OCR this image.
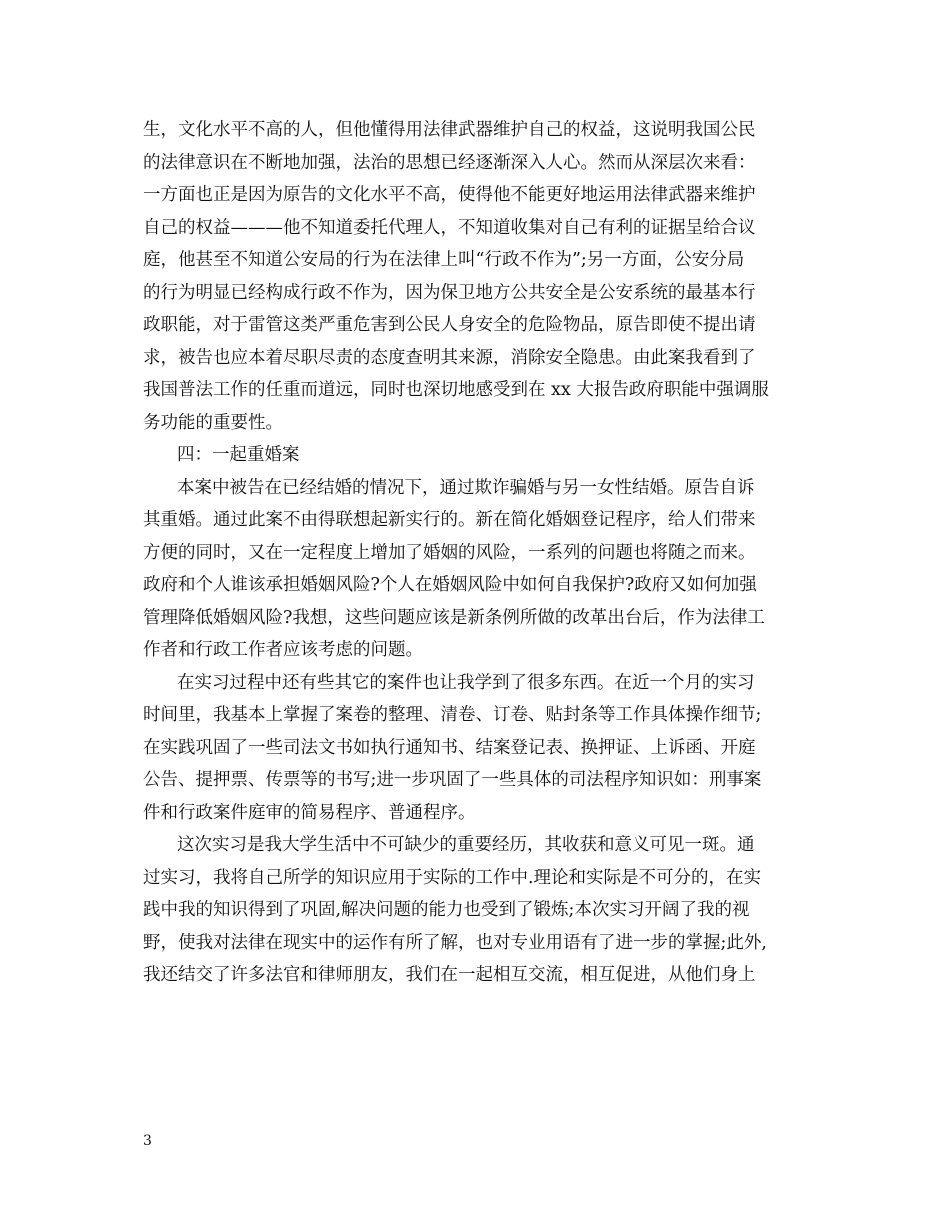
生，文化水平不高的人，但他懂得用法律武器维护自己的权益，这说明我国公民
的法律意识在不断地加强，法治的思想已经逐渐深入人心。然而从深层次来看：
一方面也正是因为原告的文化水平不高，使得他不能更好地运用法律武器来维护
自己的权益———他不知道委托代理人，不知道收集对自己有利的证据呈给合议
庭，他甚至不知道公安局的行为在法律上叫“行政不作为”;另一方面，公安分局
的行为明显已经构成行政不作为，因为保卫地方公共安全是公安系统的最基本行
政职能，对于雷管这类严重危害到公民人身安全的危险物品，原告即使不提出请
求，被告也应本着尽职尽责的态度查明其来源，消除安全隐患。由此案我看到了
我国普法工作的任重而道远，同时也深切地感受到在 xx 大报告政府职能中强调服
务功能的重要性。
四：一起重婚案
本案中被告在已经结婚的情况下，通过欺诈骗婚与另一女性结婚。原告自诉
其重婚。通过此案不由得联想起新实行的。新在简化婚姻登记程序，给人们带来
方便的同时，又在一定程度上增加了婚姻的风险，一系列的问题也将随之而来。
政府和个人谁该承担婚姻风险?个人在婚姻风险中如何自我保护?政府又如何加强
管理降低婚姻风险?我想，这些问题应该是新条例所做的改革出台后，作为法律工
作者和行政工作者应该考虑的问题。
在实习过程中还有些其它的案件也让我学到了很多东西。在近一个月的实习
时间里，我基本上掌握了案卷的整理、清卷、订卷、贴封条等工作具体操作细节;
在实践巩固了一些司法文书如执行通知书、结案登记表、换押证、上诉函、开庭
公告、提押票、传票等的书写;进一步巩固了一些具体的司法程序知识如：刑事案
件和行政案件庭审的简易程序、普通程序。
这次实习是我大学生活中不可缺少的重要经历，其收获和意义可见一斑。通
过实习，我将自己所学的知识应用于实际的工作中.理论和实际是不可分的，在实
践中我的知识得到了巩固,解决问题的能力也受到了锻炼;本次实习开阔了我的视
野，使我对法律在现实中的运作有所了解，也对专业用语有了进一步的掌握;此外,
我还结交了许多法官和律师朋友，我们在一起相互交流，相互促进，从他们身上
3
